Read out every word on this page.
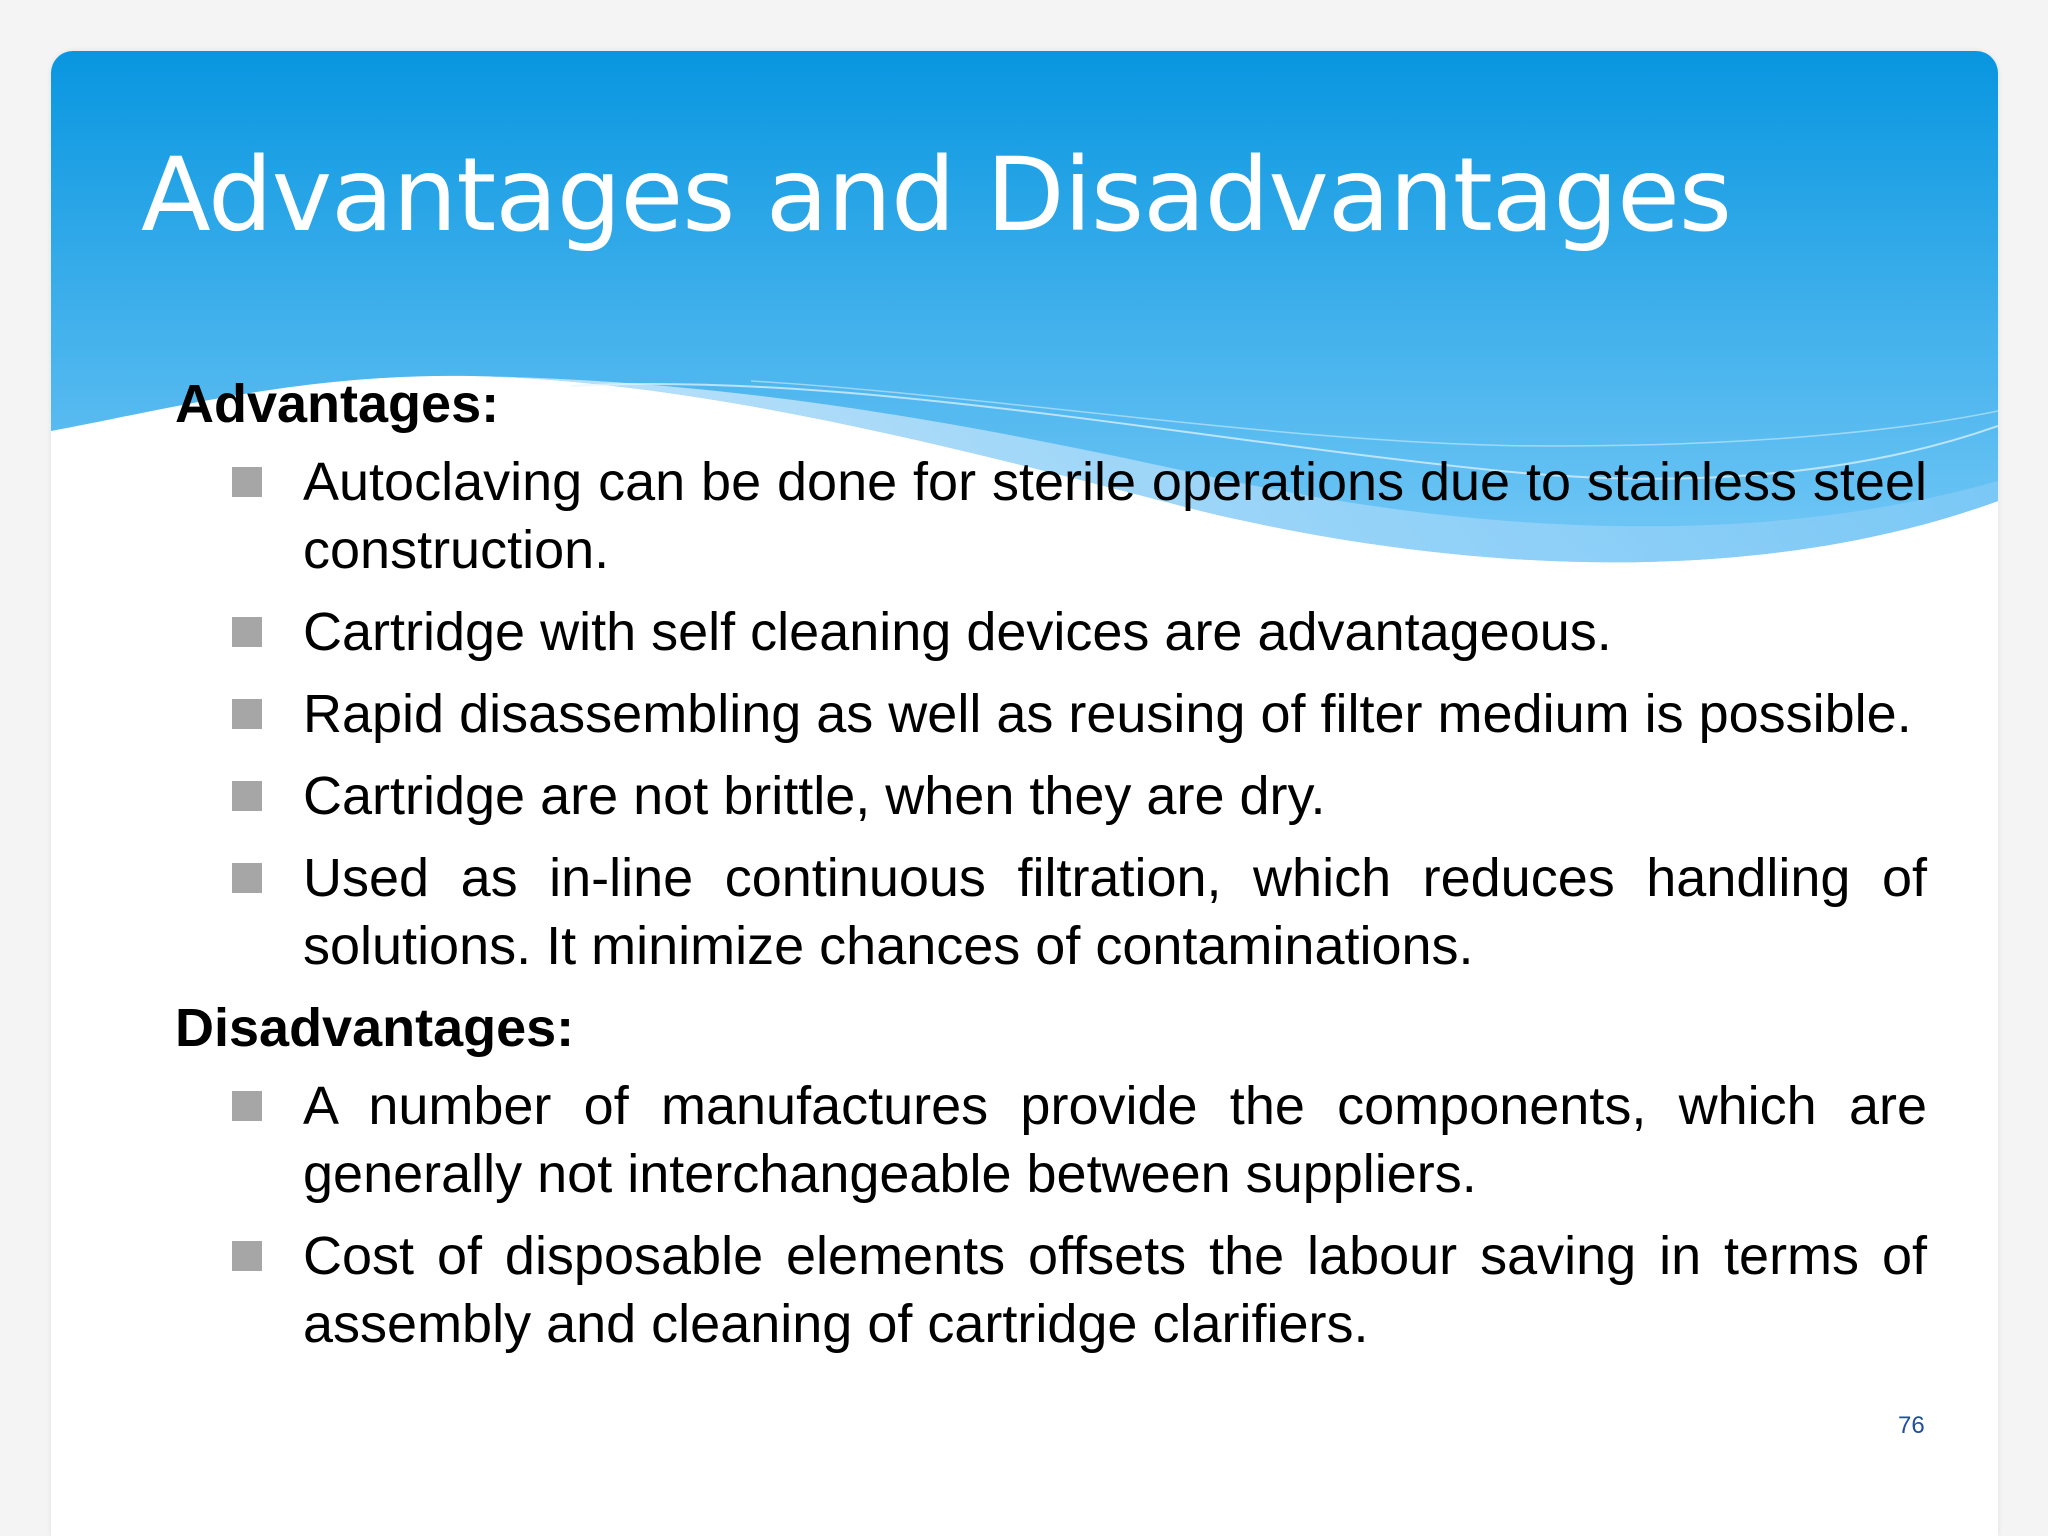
Advantages and Disadvantages
Advantages:
Autoclaving can be done for sterile operations due to stainless steel construction.
Cartridge with self cleaning devices are advantageous.
Rapid disassembling as well as reusing of filter medium is possible.
Cartridge are not brittle, when they are dry.
Used as in-line continuous filtration, which reduces handling of solutions. It minimize chances of contaminations.
Disadvantages:
A number of manufactures provide the components, which are generally not interchangeable between suppliers.
Cost of disposable elements offsets the labour saving in terms of assembly and cleaning of cartridge clarifiers.
76
